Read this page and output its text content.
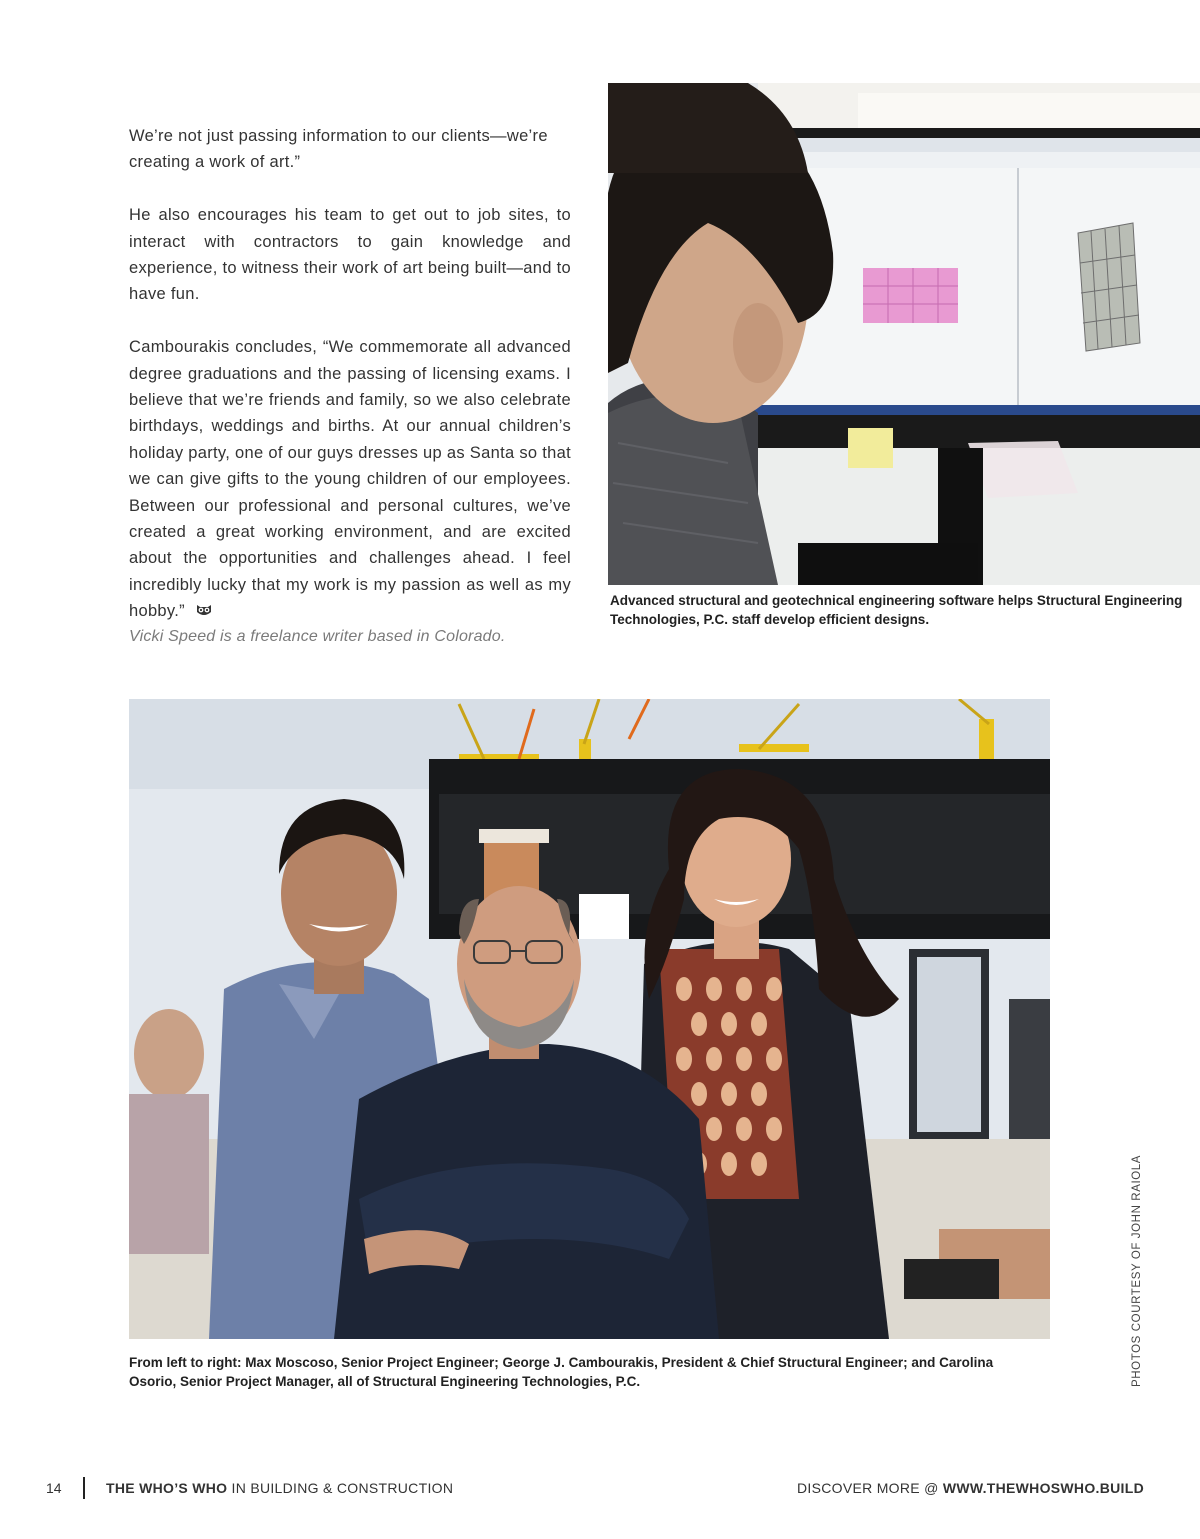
We’re not just passing information to our clients—we’re creating a work of art.”

He also encourages his team to get out to job sites, to interact with contractors to gain knowledge and experience, to witness their work of art being built—and to have fun.

Cambourakis concludes, “We commemorate all advanced degree graduations and the passing of licensing exams. I believe that we’re friends and family, so we also celebrate birthdays, weddings and births. At our annual children’s holiday party, one of our guys dresses up as Santa so that we can give gifts to the young children of our employees. Between our professional and personal cultures, we’ve created a great working environment, and are excited about the opportunities and challenges ahead. I feel incredibly lucky that my work is my passion as well as my hobby.”

Vicki Speed is a freelance writer based in Colorado.
Advanced structural and geotechnical engineering software helps Structural Engineering Technologies, P.C. staff develop efficient designs.
From left to right: Max Moscoso, Senior Project Engineer; George J. Cambourakis, President & Chief Structural Engineer; and Carolina Osorio, Senior Project Manager, all of Structural Engineering Technologies, P.C.	PHOTOS COURTESY OF JOHN RAIOLA
14	THE WHO’S WHO IN BUILDING & CONSTRUCTION	DISCOVER MORE @ WWW.THEWHOSWHO.BUILD
